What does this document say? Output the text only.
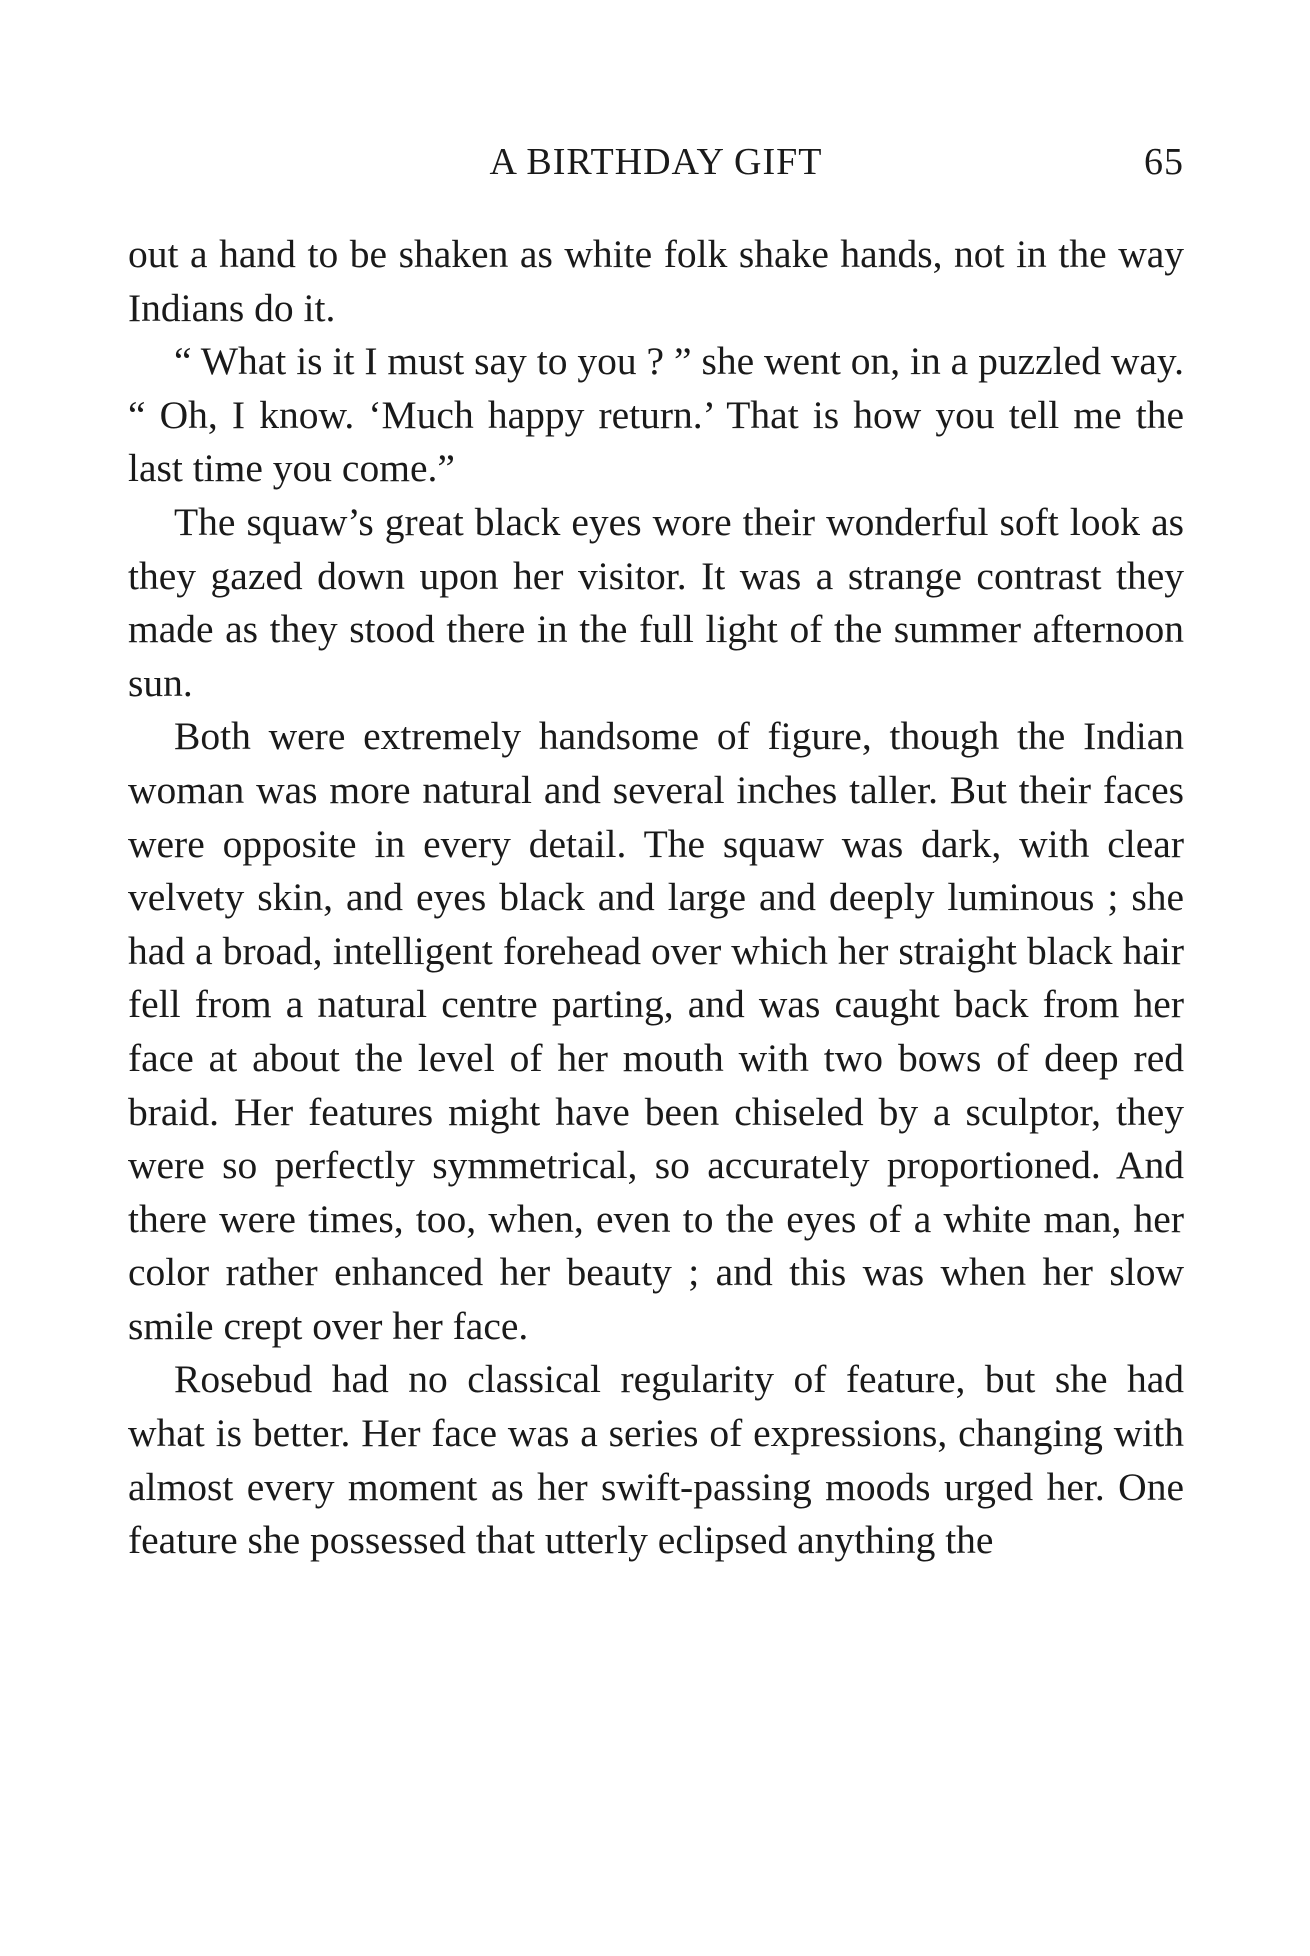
A BIRTHDAY GIFT	65

out a hand to be shaken as white folk shake hands, not in the way Indians do it.

“ What is it I must say to you ? ” she went on, in a puzzled way. “ Oh, I know. ‘Much happy return.’ That is how you tell me the last time you come.”

The squaw’s great black eyes wore their wonderful soft look as they gazed down upon her visitor. It was a strange contrast they made as they stood there in the full light of the summer afternoon sun.

Both were extremely handsome of figure, though the Indian woman was more natural and several inches taller. But their faces were opposite in every detail. The squaw was dark, with clear velvety skin, and eyes black and large and deeply luminous ; she had a broad, intelligent forehead over which her straight black hair fell from a natural centre parting, and was caught back from her face at about the level of her mouth with two bows of deep red braid. Her features might have been chiseled by a sculptor, they were so perfectly symmetrical, so accurately proportioned. And there were times, too, when, even to the eyes of a white man, her color rather enhanced her beauty ; and this was when her slow smile crept over her face.

Rosebud had no classical regularity of feature, but she had what is better. Her face was a series of expressions, changing with almost every moment as her swift-passing moods urged her. One feature she possessed that utterly eclipsed anything the
